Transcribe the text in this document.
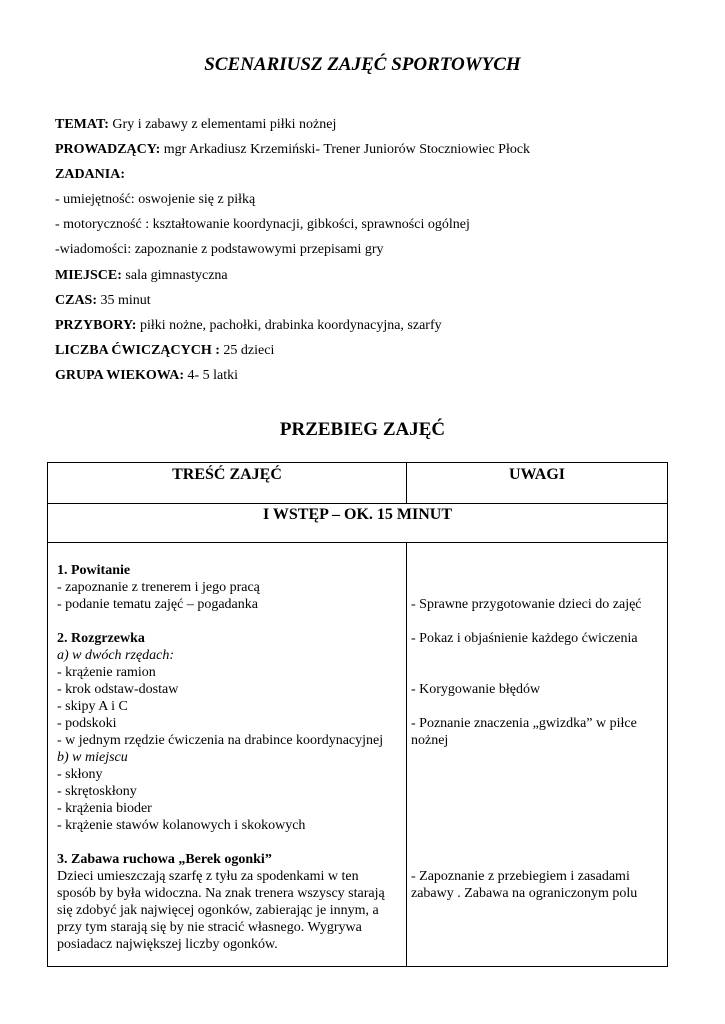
SCENARIUSZ ZAJĘĆ SPORTOWYCH
TEMAT: Gry i zabawy z elementami piłki nożnej
PROWADZĄCY: mgr Arkadiusz Krzemiński- Trener Juniorów Stoczniowiec Płock
ZADANIA:
- umiejętność: oswojenie się z piłką
- motoryczność : kształtowanie koordynacji, gibkości, sprawności ogólnej
-wiadomości: zapoznanie z podstawowymi przepisami gry
MIEJSCE: sala gimnastyczna
CZAS: 35 minut
PRZYBORY: piłki nożne, pachołki, drabinka koordynacyjna, szarfy
LICZBA ĆWICZĄCYCH : 25 dzieci
GRUPA WIEKOWA: 4- 5 latki
PRZEBIEG ZAJĘĆ
TREŚĆ ZAJĘĆ	UWAGI
I WSTĘP – OK. 15 MINUT
1. Powitanie
- zapoznanie z trenerem i jego pracą
- podanie tematu zajęć – pogadanka
2. Rozgrzewka
a) w dwóch rzędach:
- krążenie ramion
- krok odstaw-dostaw
- skipy A i C
- podskoki
- w jednym rzędzie ćwiczenia na drabince koordynacyjnej
b) w miejscu
- skłony
- skrętoskłony
- krążenia bioder
- krążenie stawów kolanowych i skokowych
3. Zabawa ruchowa „Berek ogonki”
Dzieci umieszczają szarfę z tyłu za spodenkami w ten
sposób by była widoczna. Na znak trenera wszyscy starają
się zdobyć jak najwięcej ogonków, zabierając je innym, a
przy tym starają się by nie stracić własnego. Wygrywa
posiadacz największej liczby ogonków.
- Sprawne przygotowanie dzieci do zajęć
- Pokaz i objaśnienie każdego ćwiczenia
- Korygowanie błędów
- Poznanie znaczenia „gwizdka” w piłce
nożnej
- Zapoznanie z przebiegiem i zasadami
zabawy . Zabawa na ograniczonym polu
